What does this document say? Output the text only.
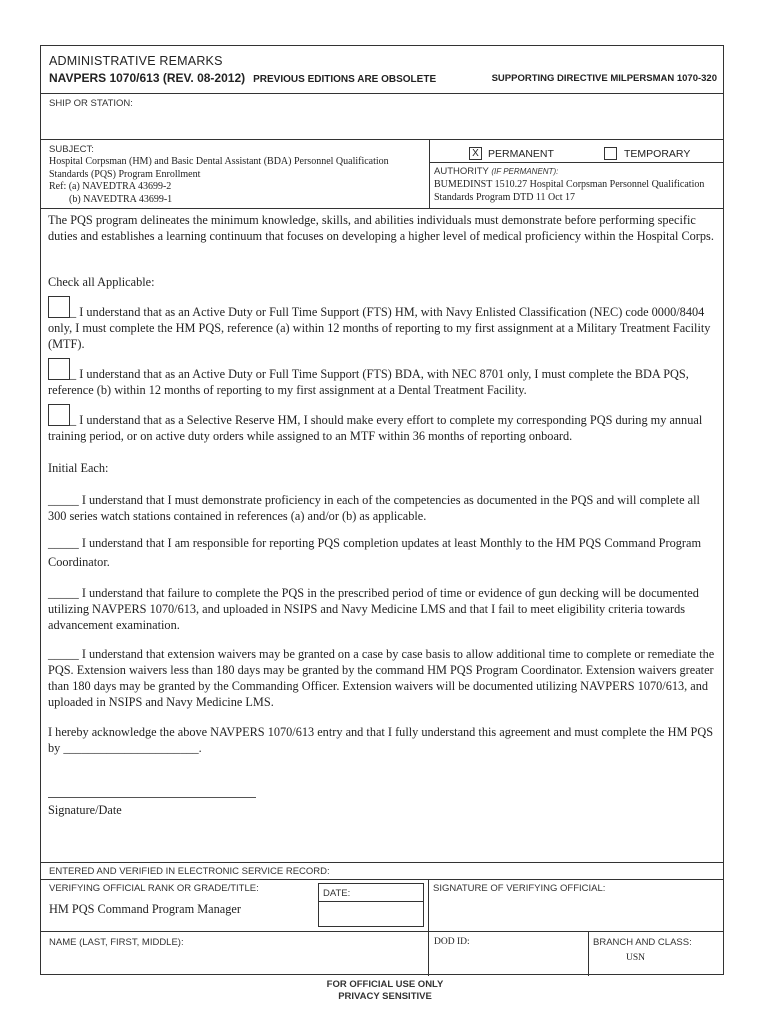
ADMINISTRATIVE REMARKS
NAVPERS 1070/613 (REV. 08-2012) PREVIOUS EDITIONS ARE OBSOLETE	SUPPORTING DIRECTIVE MILPERSMAN 1070-320
SHIP OR STATION:
SUBJECT:
Hospital Corpsman (HM) and Basic Dental Assistant (BDA) Personnel Qualification
Standards (PQS) Program Enrollment
Ref: (a) NAVEDTRA 43699-2
(b) NAVEDTRA 43699-1
X PERMANENT	TEMPORARY
AUTHORITY (IF PERMANENT):
BUMEDINST 1510.27 Hospital Corpsman Personnel Qualification
Standards Program DTD 11 Oct 17
The PQS program delineates the minimum knowledge, skills, and abilities individuals must demonstrate before performing specific duties and establishes a learning continuum that focuses on developing a higher level of medical proficiency within the Hospital Corps.
Check all Applicable:
_ I understand that as an Active Duty or Full Time Support (FTS) HM, with Navy Enlisted Classification (NEC) code 0000/8404 only, I must complete the HM PQS, reference (a) within 12 months of reporting to my first assignment at a Military Treatment Facility (MTF).
_ I understand that as an Active Duty or Full Time Support (FTS) BDA, with NEC 8701 only, I must complete the BDA PQS, reference (b) within 12 months of reporting to my first assignment at a Dental Treatment Facility.
_ I understand that as a Selective Reserve HM, I should make every effort to complete my corresponding PQS during my annual training period, or on active duty orders while assigned to an MTF within 36 months of reporting onboard.
Initial Each:
_____ I understand that I must demonstrate proficiency in each of the competencies as documented in the PQS and will complete all 300 series watch stations contained in references (a) and/or (b) as applicable.
_____ I understand that I am responsible for reporting PQS completion updates at least Monthly to the HM PQS Command Program Coordinator.
_____ I understand that failure to complete the PQS in the prescribed period of time or evidence of gun decking will be documented utilizing NAVPERS 1070/613, and uploaded in NSIPS and Navy Medicine LMS and that I fail to meet eligibility criteria towards advancement examination.
_____ I understand that extension waivers may be granted on a case by case basis to allow additional time to complete or remediate the PQS. Extension waivers less than 180 days may be granted by the command HM PQS Program Coordinator. Extension waivers greater than 180 days may be granted by the Commanding Officer. Extension waivers will be documented utilizing NAVPERS 1070/613, and uploaded in NSIPS and Navy Medicine LMS.
I hereby acknowledge the above NAVPERS 1070/613 entry and that I fully understand this agreement and must complete the HM PQS by ______________________.
Signature/Date
ENTERED AND VERIFIED IN ELECTRONIC SERVICE RECORD:
VERIFYING OFFICIAL RANK OR GRADE/TITLE:
HM PQS Command Program Manager
DATE:	SIGNATURE OF VERIFYING OFFICIAL:
NAME (LAST, FIRST, MIDDLE):	DOD ID:	BRANCH AND CLASS:
USN
FOR OFFICIAL USE ONLY
PRIVACY SENSITIVE
